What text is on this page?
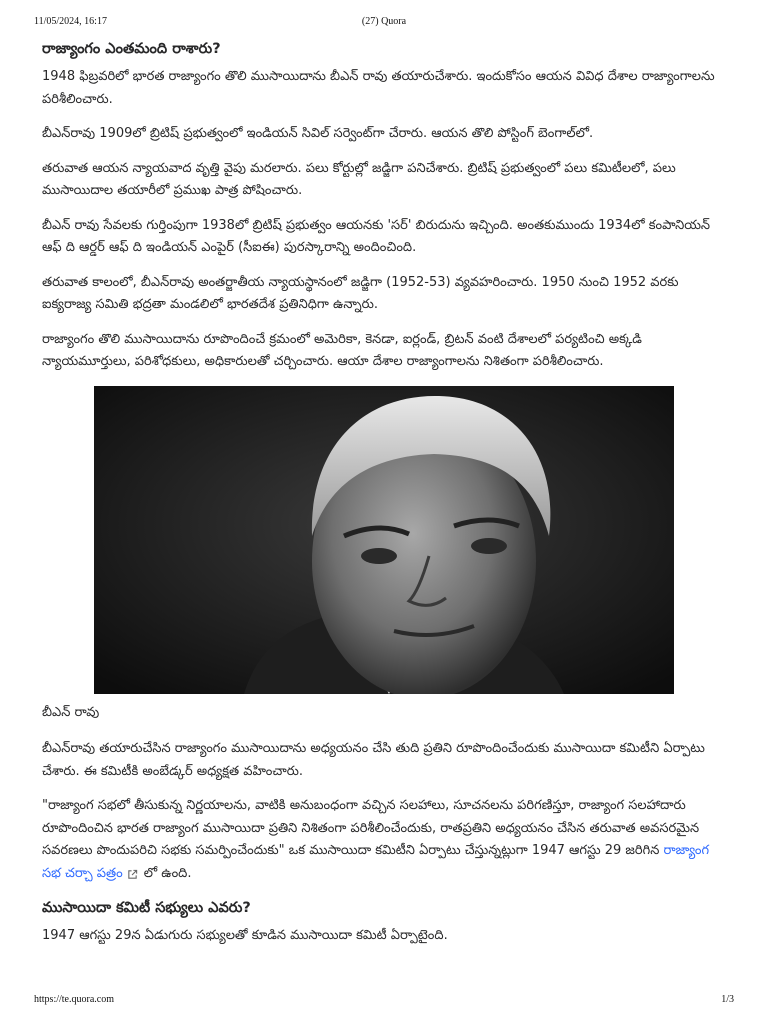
11/05/2024, 16:17	(27) Quora
రాజ్యాంగం ఎంతమంది రాశారు?

1948 ఫిబ్రవరిలో భారత రాజ్యాంగం తొలి ముసాయిదాను బీఎన్ రావు తయారుచేశారు. ఇందుకోసం ఆయన వివిధ దేశాల రాజ్యాంగాలను పరిశీలించారు.

బీఎన్‌రావు 1909లో బ్రిటిష్ ప్రభుత్వంలో ఇండియన్ సివిల్ సర్వెంట్‌గా చేరారు. ఆయన తొలి పోస్టింగ్ బెంగాల్‌లో.

తరువాత ఆయన న్యాయవాద వృత్తి వైపు మరలారు. పలు కోర్టుల్లో జడ్జిగా పనిచేశారు. బ్రిటిష్ ప్రభుత్వంలో పలు కమిటీలలో, పలు ముసాయిదాల తయారీలో ప్రముఖ పాత్ర పోషించారు.

బీఎన్ రావు సేవలకు గుర్తింపుగా 1938లో బ్రిటిష్ ప్రభుత్వం ఆయనకు 'సర్' బిరుదును ఇచ్చింది. అంతకుముందు 1934లో కంపానియన్ ఆఫ్ ది ఆర్డర్ ఆఫ్ ది ఇండియన్ ఎంపైర్ (సీఐఈ) పురస్కారాన్ని అందించింది.

తరువాత కాలంలో, బీఎన్‌రావు అంతర్జాతీయ న్యాయస్థానంలో జడ్జిగా (1952-53) వ్యవహరించారు. 1950 నుంచి 1952 వరకు ఐక్యరాజ్య సమితి భద్రతా మండలిలో భారతదేశ ప్రతినిధిగా ఉన్నారు.

రాజ్యాంగం తొలి ముసాయిదాను రూపొందించే క్రమంలో అమెరికా, కెనడా, ఐర్లండ్, బ్రిటన్ వంటి దేశాలలో పర్యటించి అక్కడి న్యాయమూర్తులు, పరిశోధకులు, అధికారులతో చర్చించారు. ఆయా దేశాల రాజ్యాంగాలను నిశితంగా పరిశీలించారు.

బీఎన్ రావు

బీఎన్‌రావు తయారుచేసిన రాజ్యాంగం ముసాయిదాను అధ్యయనం చేసి తుది ప్రతిని రూపొందించేందుకు ముసాయిదా కమిటీని ఏర్పాటు చేశారు. ఈ కమిటీకి అంబేడ్కర్ అధ్యక్షత వహించారు.

"రాజ్యాంగ సభలో తీసుకున్న నిర్ణయాలను, వాటికి అనుబంధంగా వచ్చిన సలహాలు, సూచనలను పరిగణిస్తూ, రాజ్యాంగ సలహాదారు రూపొందించిన భారత రాజ్యాంగ ముసాయిదా ప్రతిని నిశితంగా పరిశీలించేందుకు, రాతప్రతిని అధ్యయనం చేసిన తరువాత అవసరమైన సవరణలు పొందుపరిచి సభకు సమర్పించేందుకు" ఒక ముసాయిదా కమిటీని ఏర్పాటు చేస్తున్నట్లుగా 1947 ఆగస్టు 29 జరిగిన రాజ్యాంగ సభ చర్చా పత్రం లో ఉంది.

ముసాయిదా కమిటీ సభ్యులు ఎవరు?

1947 ఆగస్టు 29న ఏడుగురు సభ్యులతో కూడిన ముసాయిదా కమిటీ ఏర్పాటైంది.

https://te.quora.com	1/3
